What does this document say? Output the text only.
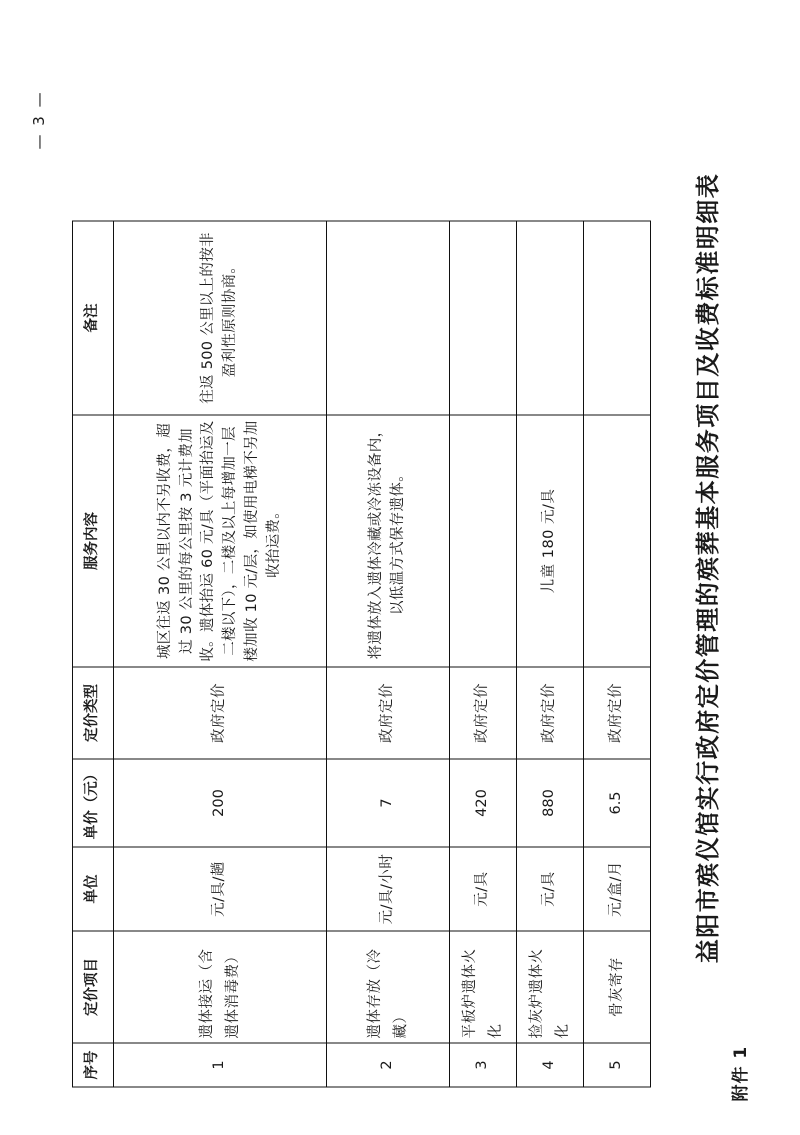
附件 1
益阳市殡仪馆实行政府定价管理的殡葬基本服务项目及收费标准明细表
— 3 —
序号	定价项目	单位	单价（元）	定价类型	服务内容	备注
1	遗体接运（含遗体消毒费）	元/具/趟	200	政府定价	城区往返 30 公里以内不另收费，超过 30 公里的每公里按 3 元计费加收。遗体抬运 60 元/具（平面抬运及二楼以下），二楼及以上每增加一层楼加收 10 元/层，如使用电梯不另加收抬运费。	往返 500 公里以上的按非盈利性原则协商。
2	遗体存放（冷藏）	元/具/小时	7	政府定价	将遗体放入遗体冷藏或冷冻设备内，以低温方式保存遗体。	
3	平板炉遗体火化	元/具	420	政府定价		
4	捡灰炉遗体火化	元/具	880	政府定价	儿童 180 元/具	
5	骨灰寄存	元/盒/月	6.5	政府定价		
